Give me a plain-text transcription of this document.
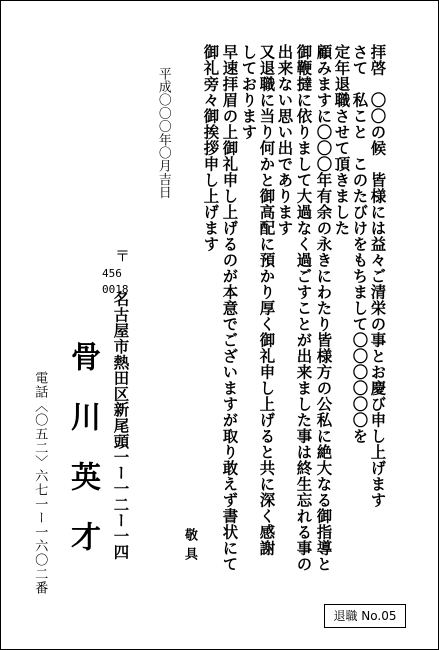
拝啓　〇〇の候　皆様には益々ご清栄の事とお慶び申し上げます
さて　私こと　このたびけをもちまして〇〇〇〇〇〇を
定年退職させて頂きました
顧みますに〇〇〇年有余の永きにわたり皆様方の公私に絶大なる御指導と
御鞭撻に依りまして大過なく過ごすことが出来ました事は終生忘れる事の
出来ない思い出であります
又退職に当り何かと御高配に預かり厚く御礼申し上げると共に深く感謝
しております
早速拝眉の上御礼申し上げるのが本意でございますが取り敢えず書状にて
御礼旁々御挨拶申し上げます
敬具
平成〇〇〇年〇月吉日
〒
456
0018
名古屋市熱田区新尾頭一ー一二ー一四
骨川英才
電話〈〇五二〉六七一ー一六〇二番
退職 No.05
